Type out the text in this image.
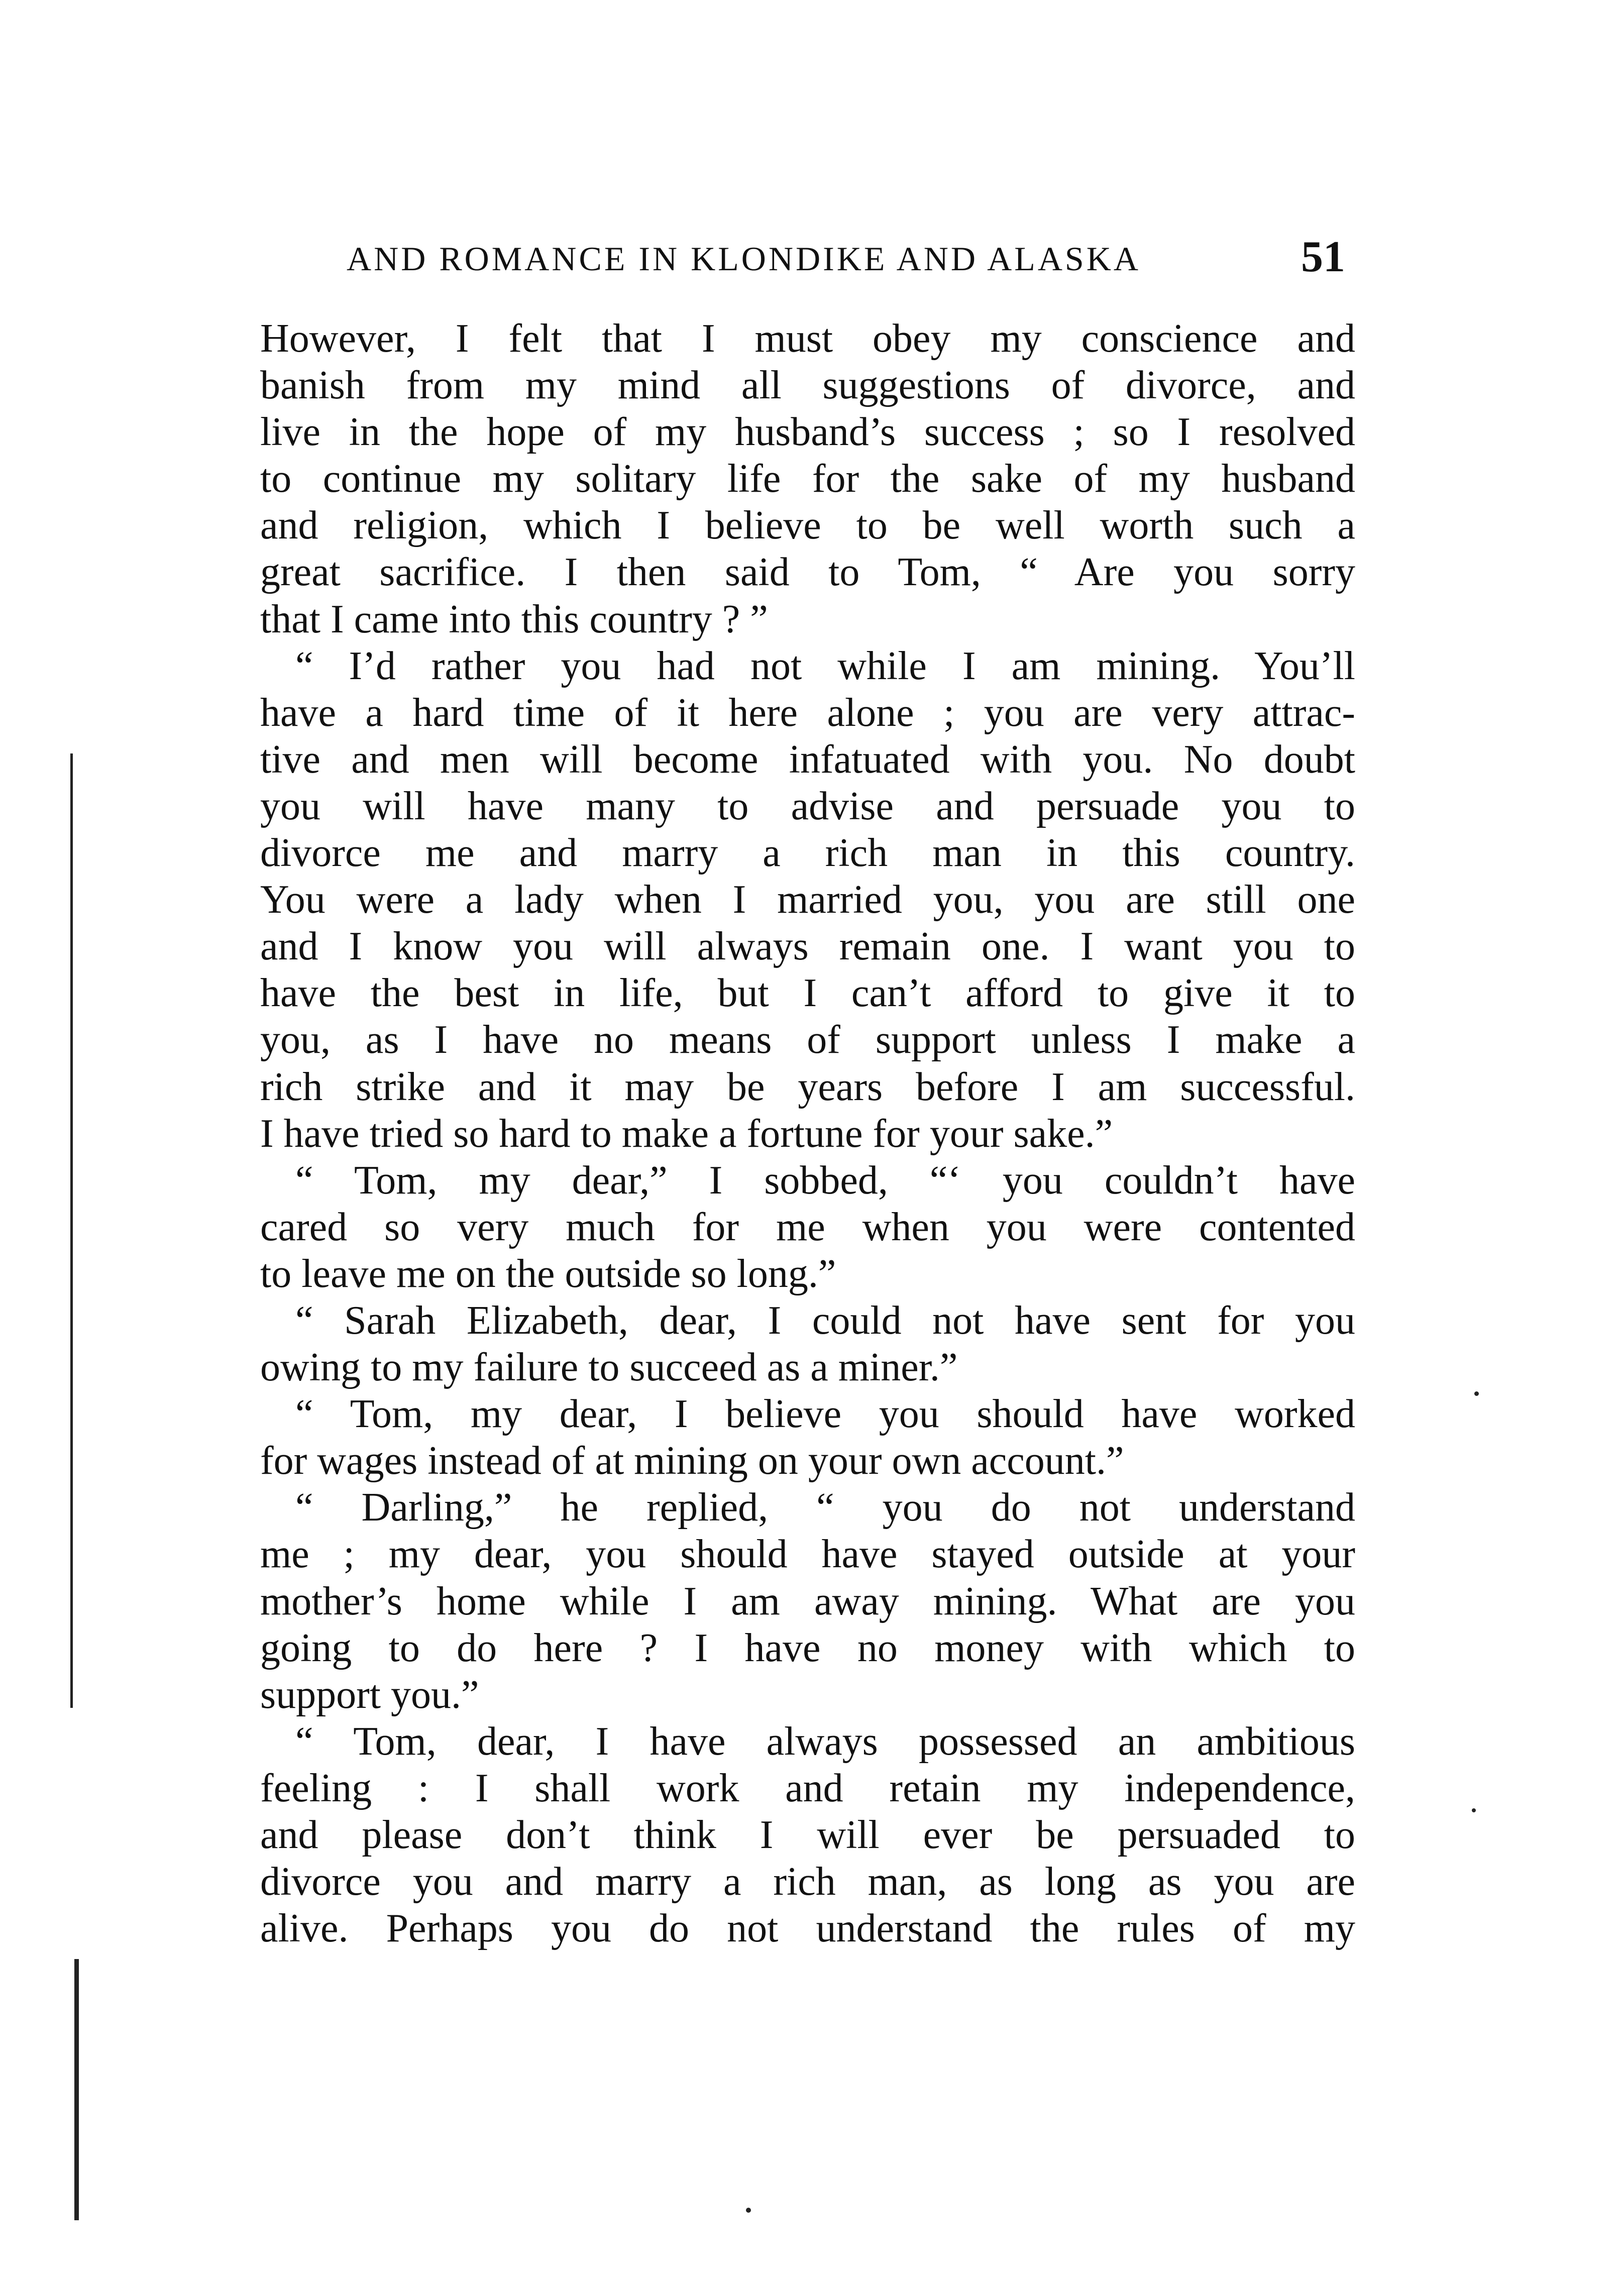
AND ROMANCE IN KLONDIKE AND ALASKA	51
However, I felt that I must obey my conscience and
banish from my mind all suggestions of divorce, and
live in the hope of my husband’s success ; so I resolved
to continue my solitary life for the sake of my husband
and religion, which I believe to be well worth such a
great sacrifice. I then said to Tom, “ Are you sorry
that I came into this country ? ”
“ I’d rather you had not while I am mining. You’ll
have a hard time of it here alone ; you are very attrac-
tive and men will become infatuated with you. No doubt
you will have many to advise and persuade you to
divorce me and marry a rich man in this country.
You were a lady when I married you, you are still one
and I know you will always remain one. I want you to
have the best in life, but I can’t afford to give it to
you, as I have no means of support unless I make a
rich strike and it may be years before I am successful.
I have tried so hard to make a fortune for your sake.”
“ Tom, my dear,” I sobbed, “‘ you couldn’t have
cared so very much for me when you were contented
to leave me on the outside so long.”
“ Sarah Elizabeth, dear, I could not have sent for you
owing to my failure to succeed as a miner.”
“ Tom, my dear, I believe you should have worked
for wages instead of at mining on your own account.”
“ Darling,” he replied, “ you do not understand
me ; my dear, you should have stayed outside at your
mother’s home while I am away mining. What are you
going to do here ? I have no money with which to
support you.”
“ Tom, dear, I have always possessed an ambitious
feeling : I shall work and retain my independence,
and please don’t think I will ever be persuaded to
divorce you and marry a rich man, as long as you are
alive. Perhaps you do not understand the rules of my
